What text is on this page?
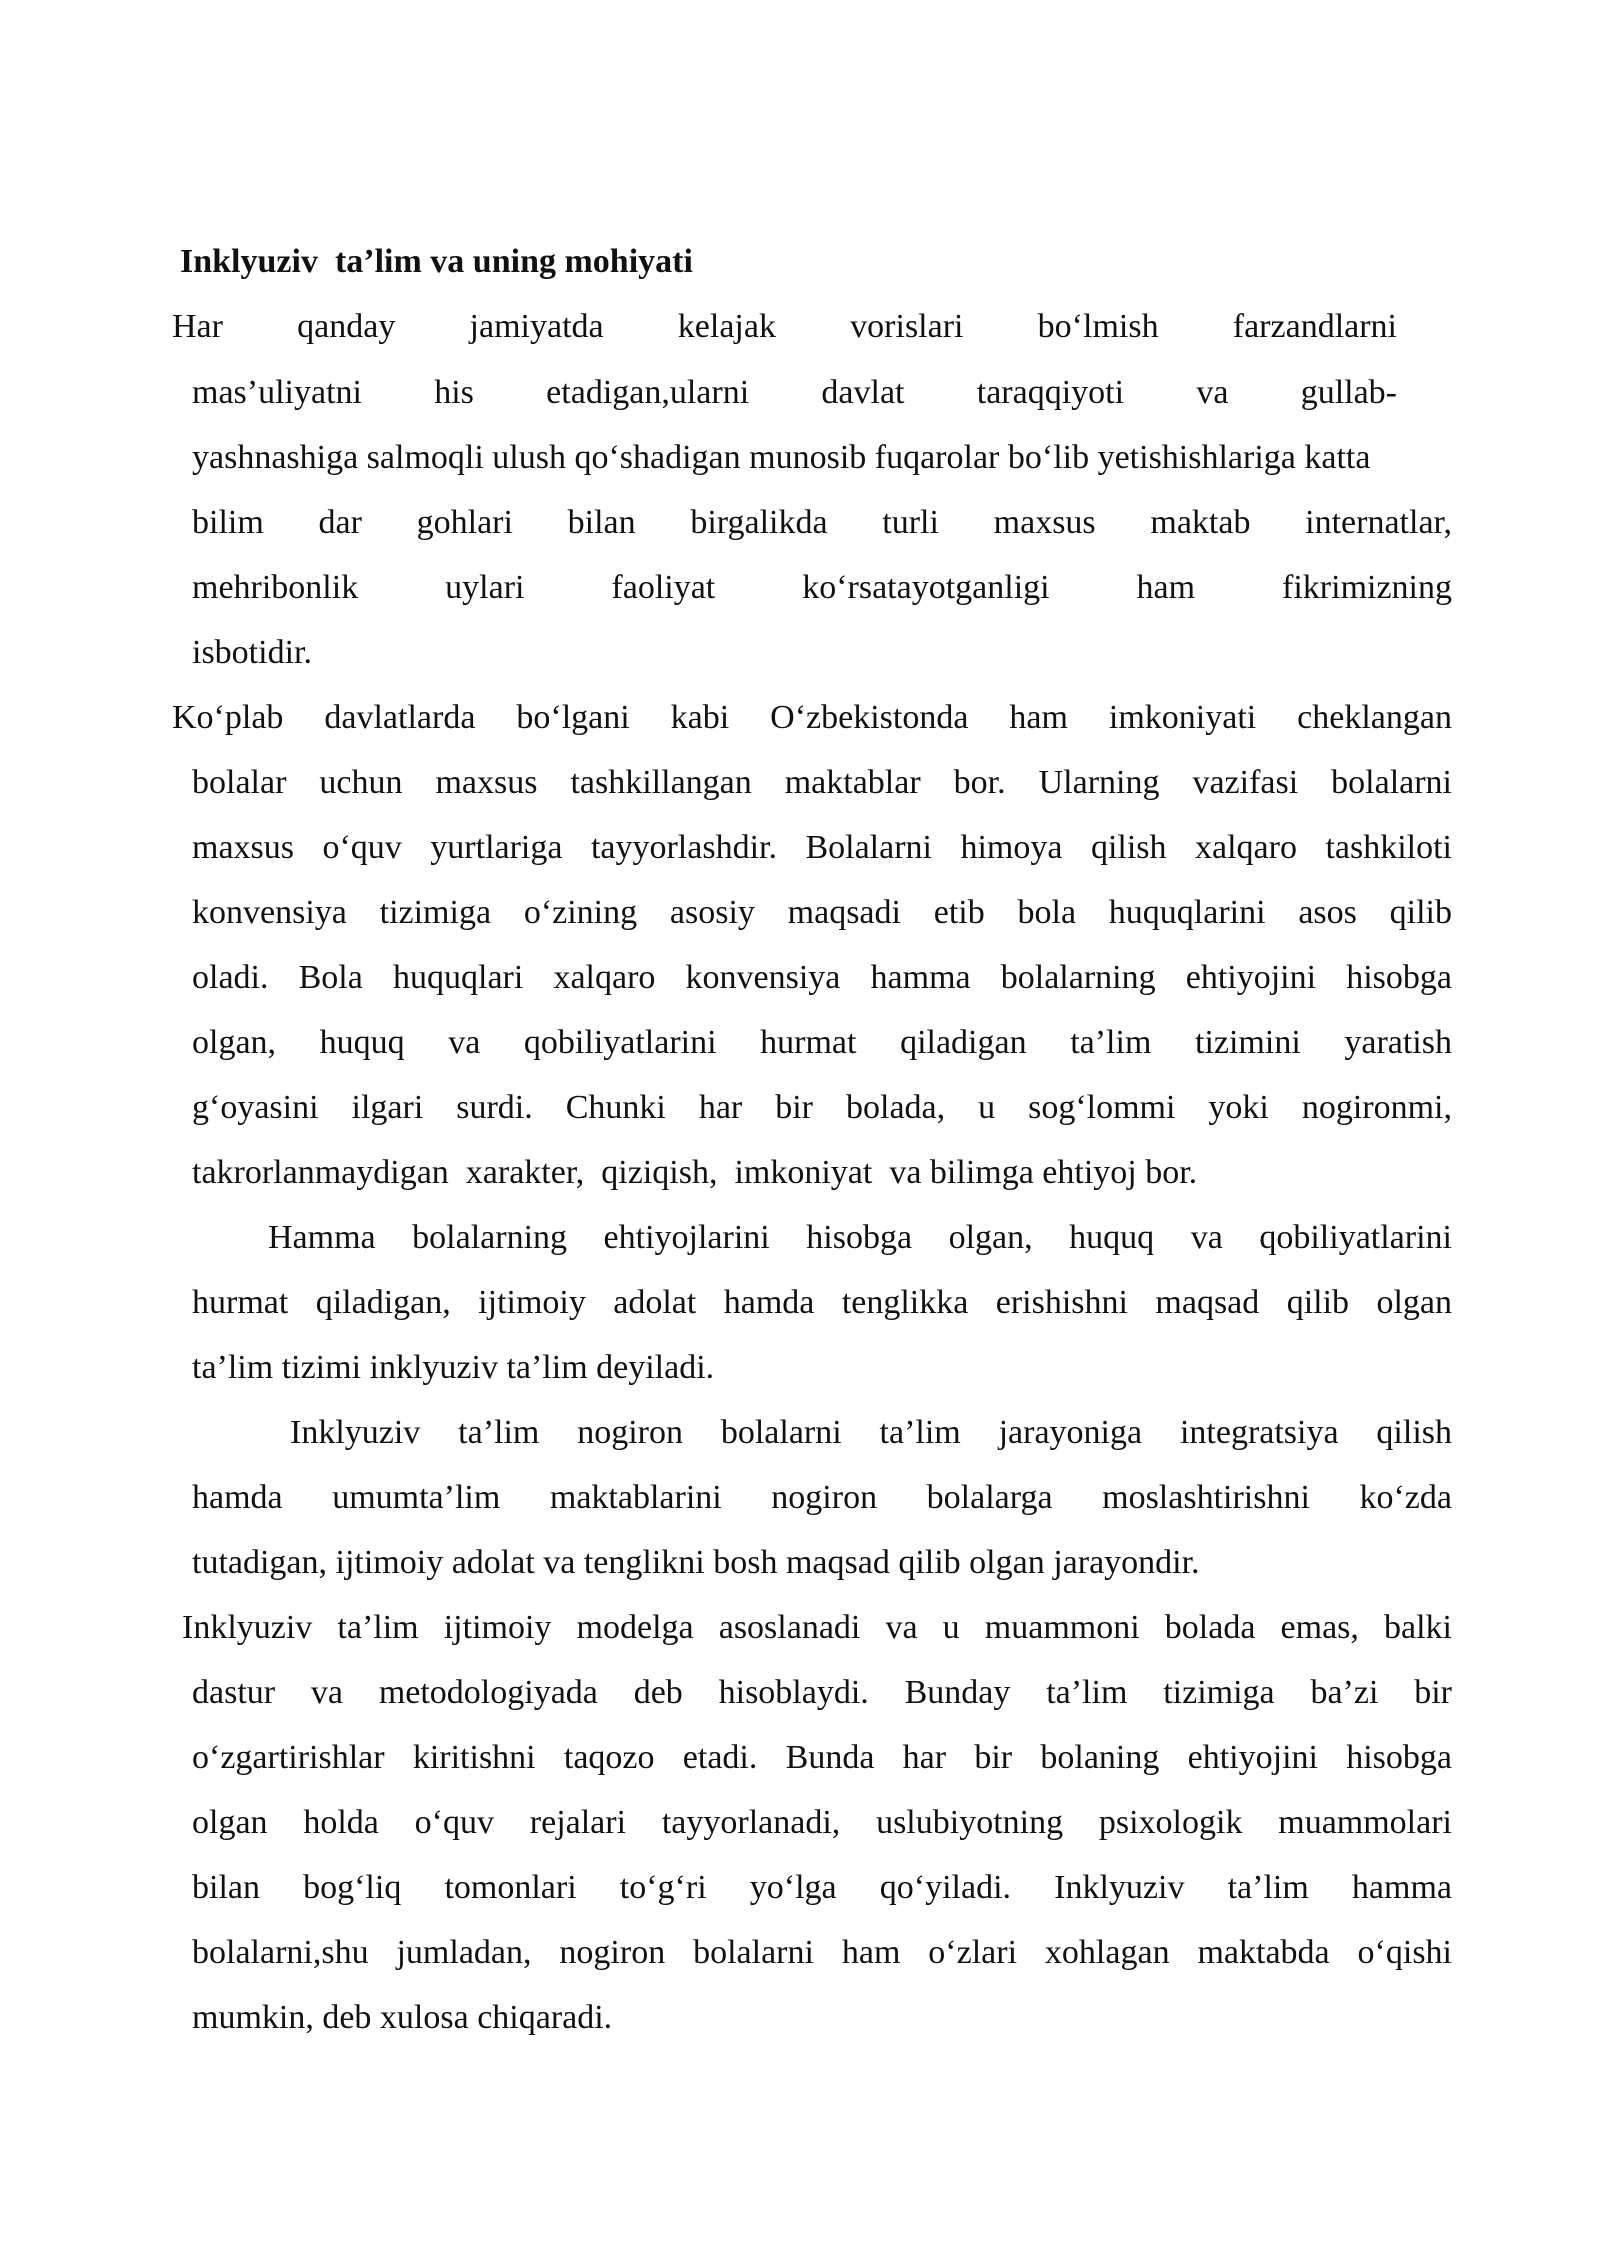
Inklyuziv  ta’lim va uning mohiyati
Har qanday jamiyatda kelajak vorislari bo‘lmish farzandlarni
mas’uliyatni his etadigan,ularni davlat taraqqiyoti va gullab-
yashnashiga salmoqli ulush qo‘shadigan munosib fuqarolar bo‘lib yetishishlariga katta
bilim dar gohlari bilan birgalikda turli maxsus maktab internatlar,
mehribonlik uylari faoliyat ko‘rsatayotganligi ham fikrimizning
isbotidir.
Ko‘plab davlatlarda bo‘lgani kabi O‘zbekistonda ham imkoniyati cheklangan
bolalar uchun maxsus tashkillangan maktablar bor. Ularning vazifasi bolalarni
maxsus o‘quv yurtlariga tayyorlashdir. Bolalarni himoya qilish xalqaro tashkiloti
konvensiya tizimiga o‘zining asosiy maqsadi etib bola huquqlarini asos qilib
oladi. Bola huquqlari xalqaro konvensiya hamma bolalarning ehtiyojini hisobga
olgan, huquq va qobiliyatlarini hurmat qiladigan ta’lim tizimini yaratish
g‘oyasini ilgari surdi. Chunki har bir bolada, u sog‘lommi yoki nogironmi,
takrorlanmaydigan  xarakter,  qiziqish,  imkoniyat  va bilimga ehtiyoj bor.
Hamma bolalarning ehtiyojlarini hisobga olgan, huquq va qobiliyatlarini
hurmat qiladigan, ijtimoiy adolat hamda tenglikka erishishni maqsad qilib olgan
ta’lim tizimi inklyuziv ta’lim deyiladi.
Inklyuziv ta’lim nogiron bolalarni ta’lim jarayoniga integratsiya qilish
hamda umumta’lim maktablarini nogiron bolalarga moslashtirishni ko‘zda
tutadigan, ijtimoiy adolat va tenglikni bosh maqsad qilib olgan jarayondir.
Inklyuziv ta’lim ijtimoiy modelga asoslanadi va u muammoni bolada emas, balki
dastur va metodologiyada deb hisoblaydi. Bunday ta’lim tizimiga ba’zi bir
o‘zgartirishlar kiritishni taqozo etadi. Bunda har bir bolaning ehtiyojini hisobga
olgan holda o‘quv rejalari tayyorlanadi, uslubiyotning psixologik muammolari
bilan bog‘liq tomonlari to‘g‘ri yo‘lga qo‘yiladi. Inklyuziv ta’lim hamma
bolalarni,shu jumladan, nogiron bolalarni ham o‘zlari xohlagan maktabda o‘qishi
mumkin, deb xulosa chiqaradi.
